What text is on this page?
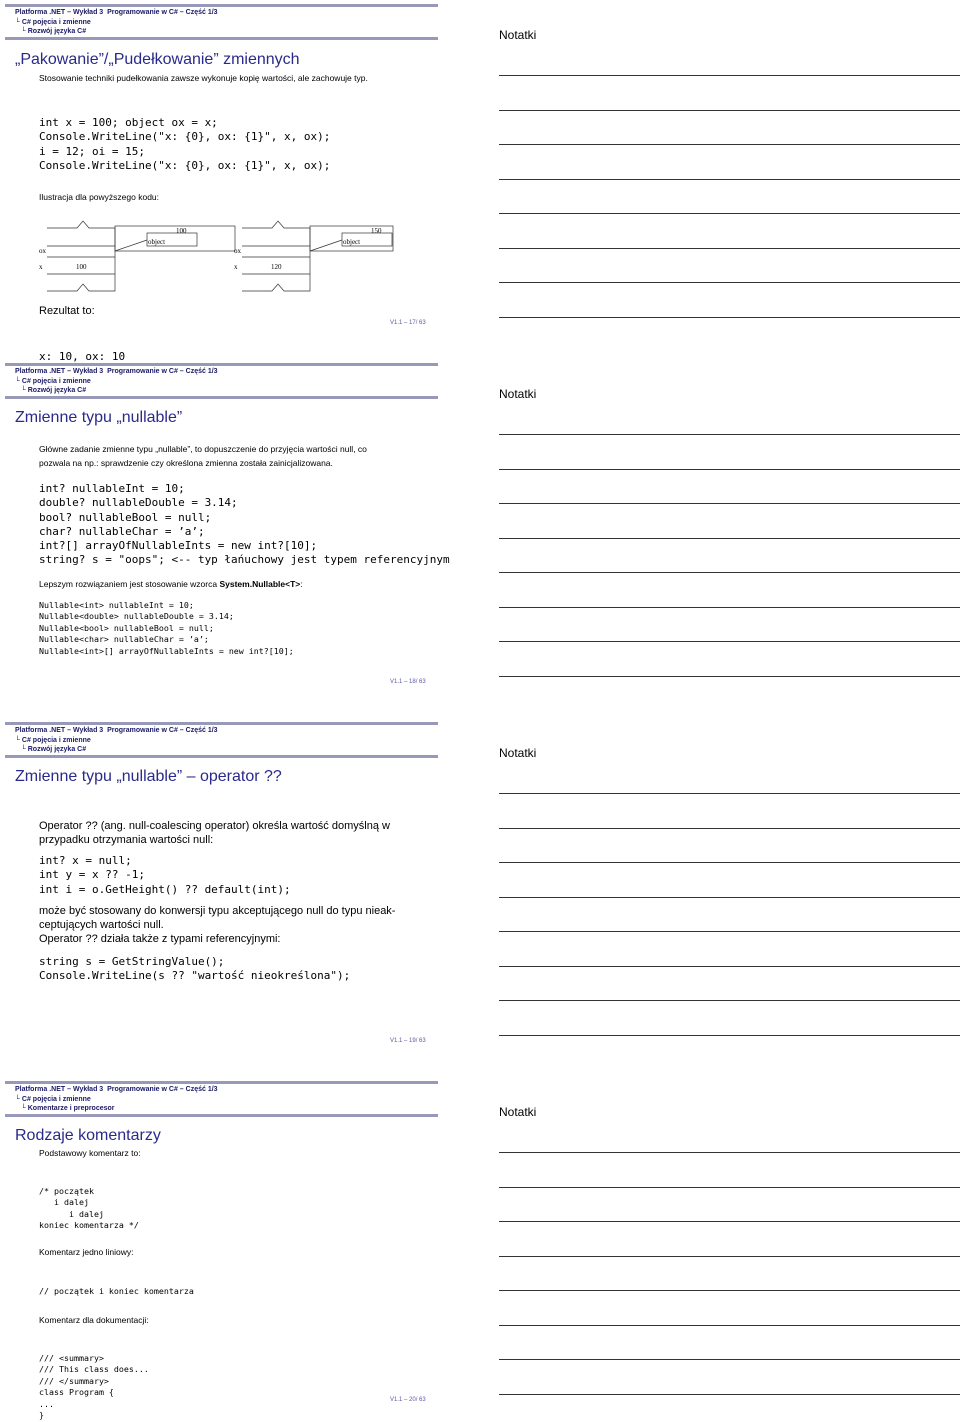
Platforma .NET – Wykład 3  Programowanie w C# – Część 1/3
└ C# pojęcia i zmienne
└ Rozwój języka C#
„Pakowanie”/„Pudełkowanie” zmiennych
Stosowanie techniki pudełkowania zawsze wykonuje kopię wartości, ale zachowuje typ.
int x = 100; object ox = x;
Console.WriteLine("x: {0}, ox: {1}", x, ox);
i = 12; oi = 15;
Console.WriteLine("x: {0}, ox: {1}", x, ox);
Ilustracja dla powyższego kodu:
ox
x	100
100
object
ox
x	120
150
object
Rezultat to:
V1.1 – 17/ 63
Notatki
x: 10, ox: 10
Platforma .NET – Wykład 3  Programowanie w C# – Część 1/3
└ C# pojęcia i zmienne
└ Rozwój języka C#
Zmienne typu „nullable”
Główne zadanie zmienne typu „nullable”, to dopuszczenie do przyjęcia wartości null, co
pozwala na np.: sprawdzenie czy określona zmienna została zainicjalizowana.
int? nullableInt = 10;
double? nullableDouble = 3.14;
bool? nullableBool = null;
char? nullableChar = ’a’;
int?[] arrayOfNullableInts = new int?[10];
string? s = "oops"; <-- typ łańuchowy jest typem referencyjnym
Lepszym rozwiązaniem jest stosowanie wzorca System.Nullable<T>:
Nullable<int> nullableInt = 10;
Nullable<double> nullableDouble = 3.14;
Nullable<bool> nullableBool = null;
Nullable<char> nullableChar = ’a’;
Nullable<int>[] arrayOfNullableInts = new int?[10];
V1.1 – 18/ 63
Notatki
Platforma .NET – Wykład 3  Programowanie w C# – Część 1/3
└ C# pojęcia i zmienne
└ Rozwój języka C#
Zmienne typu „nullable” – operator ??
Operator ?? (ang. null-coalescing operator) określa wartość domyślną w
przypadku otrzymania wartości null:
int? x = null;
int y = x ?? -1;
int i = o.GetHeight() ?? default(int);
może być stosowany do konwersji typu akceptującego null do typu nieak-
ceptujących wartości null.
Operator ?? działa także z typami referencyjnymi:
string s = GetStringValue();
Console.WriteLine(s ?? "wartość nieokreślona");
V1.1 – 19/ 63
Notatki
Platforma .NET – Wykład 3  Programowanie w C# – Część 1/3
└ C# pojęcia i zmienne
└ Komentarze i preprocesor
Rodzaje komentarzy
Podstawowy komentarz to:
/* początek
i dalej
i dalej
koniec komentarza */
Komentarz jedno liniowy:
// początek i koniec komentarza
Komentarz dla dokumentacji:
/// <summary>
/// This class does...
/// </summary>
class Program {
...
}
V1.1 – 20/ 63
Notatki
